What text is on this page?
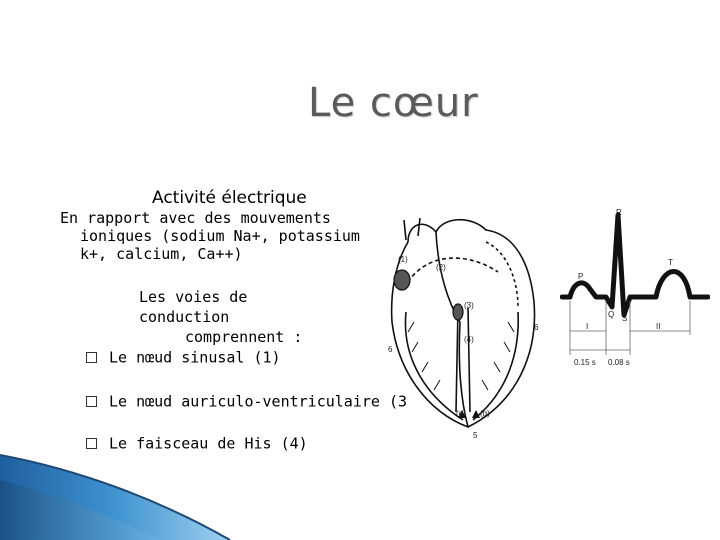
Le cœur
Activité électrique
En rapport avec des mouvements
ioniques (sodium Na+, potassium
k+, calcium, Ca++)
Les voies de conduction
comprennent :
Le nœud sinusal (1)
Le nœud auriculo-ventriculaire (3
Le faisceau de His (4)
(1)
(2)
(3)
(4)
6
6
(d) (g)
5
R
P
T
Q S
I	II
0.15 s 0.08 s
